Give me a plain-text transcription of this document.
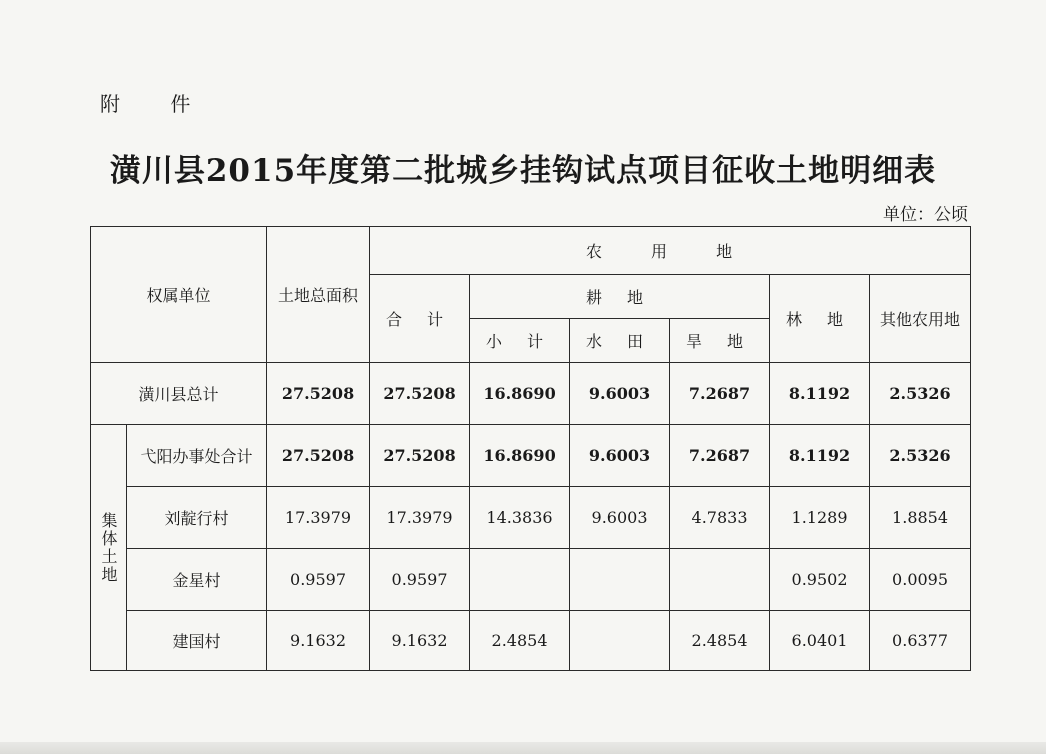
附 件
潢川县2015年度第二批城乡挂钩试点项目征收土地明细表
单位：公顷
权属单位		土地总面积	农 用 地					
			合 计	耕 地			林 地	其他农用地
				小 计	水 田	旱 地		
潢川县总计		27.5208	27.5208	16.8690	9.6003	7.2687	8.1192	2.5326

集体土地	弋阳办事处合计	27.5208	27.5208	16.8690	9.6003	7.2687	8.1192	2.5326
	刘靛行村	17.3979	17.3979	14.3836	9.6003	4.7833	1.1289	1.8854
	金星村	0.9597	0.9597				0.9502	0.0095
	建国村	9.1632	9.1632	2.4854		2.4854	6.0401	0.6377
